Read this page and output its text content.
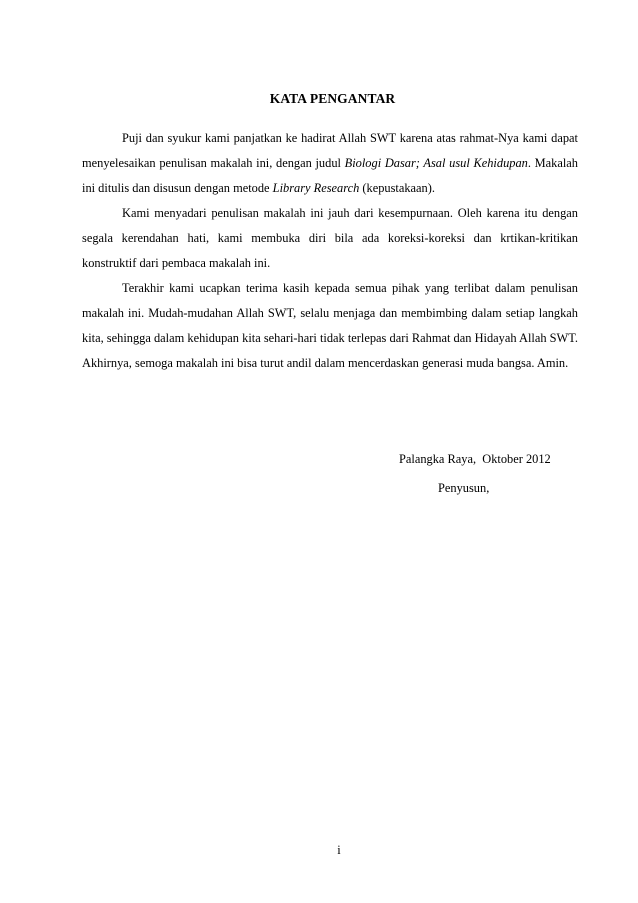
KATA PENGANTAR

Puji dan syukur kami panjatkan ke hadirat Allah SWT karena atas rahmat-Nya kami dapat menyelesaikan penulisan makalah ini, dengan judul Biologi Dasar; Asal usul Kehidupan. Makalah ini ditulis dan disusun dengan metode Library Research (kepustakaan).

Kami menyadari penulisan makalah ini jauh dari kesempurnaan. Oleh karena itu dengan segala kerendahan hati, kami membuka diri bila ada koreksi-koreksi dan krtikan-kritikan konstruktif dari pembaca makalah ini.

Terakhir kami ucapkan terima kasih kepada semua pihak yang terlibat dalam penulisan makalah ini. Mudah-mudahan Allah SWT, selalu menjaga dan membimbing dalam setiap langkah kita, sehingga dalam kehidupan kita sehari-hari tidak terlepas dari Rahmat dan Hidayah Allah SWT. Akhirnya, semoga makalah ini bisa turut andil dalam mencerdaskan generasi muda bangsa. Amin.

Palangka Raya,  Oktober 2012
Penyusun,
i
